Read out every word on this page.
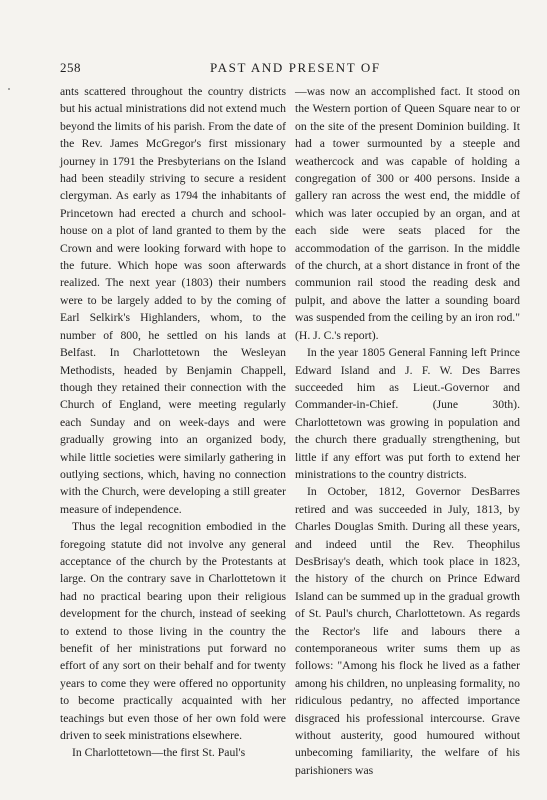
258	PAST AND PRESENT OF

ants scattered throughout the country districts but his actual ministrations did not extend much beyond the limits of his parish. From the date of the Rev. James McGregor's first missionary journey in 1791 the Presbyterians on the Island had been steadily striving to secure a resident clergyman. As early as 1794 the inhabitants of Princetown had erected a church and school-house on a plot of land granted to them by the Crown and were looking forward with hope to the future. Which hope was soon afterwards realized. The next year (1803) their numbers were to be largely added to by the coming of Earl Selkirk's Highlanders, whom, to the number of 800, he settled on his lands at Belfast. In Charlottetown the Wesleyan Methodists, headed by Benjamin Chappell, though they retained their connection with the Church of England, were meeting regularly each Sunday and on week-days and were gradually growing into an organized body, while little societies were similarly gathering in outlying sections, which, having no connection with the Church, were developing a still greater measure of independence.

Thus the legal recognition embodied in the foregoing statute did not involve any general acceptance of the church by the Protestants at large. On the contrary save in Charlottetown it had no practical bearing upon their religious development for the church, instead of seeking to extend to those living in the country the benefit of her ministrations put forward no effort of any sort on their behalf and for twenty years to come they were offered no opportunity to become practically acquainted with her teachings but even those of her own fold were driven to seek ministrations elsewhere.

In Charlottetown—the first St. Paul's

—was now an accomplished fact. It stood on the Western portion of Queen Square near to or on the site of the present Dominion building. It had a tower surmounted by a steeple and weathercock and was capable of holding a congregation of 300 or 400 persons. Inside a gallery ran across the west end, the middle of which was later occupied by an organ, and at each side were seats placed for the accommodation of the garrison. In the middle of the church, at a short distance in front of the communion rail stood the reading desk and pulpit, and above the latter a sounding board was suspended from the ceiling by an iron rod." (H. J. C.'s report).

In the year 1805 General Fanning left Prince Edward Island and J. F. W. Des Barres succeeded him as Lieut.-Governor and Commander-in-Chief. (June 30th). Charlottetown was growing in population and the church there gradually strengthening, but little if any effort was put forth to extend her ministrations to the country districts.

In October, 1812, Governor DesBarres retired and was succeeded in July, 1813, by Charles Douglas Smith. During all these years, and indeed until the Rev. Theophilus DesBrisay's death, which took place in 1823, the history of the church on Prince Edward Island can be summed up in the gradual growth of St. Paul's church, Charlottetown. As regards the Rector's life and labours there a contemporaneous writer sums them up as follows: "Among his flock he lived as a father among his children, no unpleasing formality, no ridiculous pedantry, no affected importance disgraced his professional intercourse. Grave without austerity, good humoured without unbecoming familiarity, the welfare of his parishioners was
